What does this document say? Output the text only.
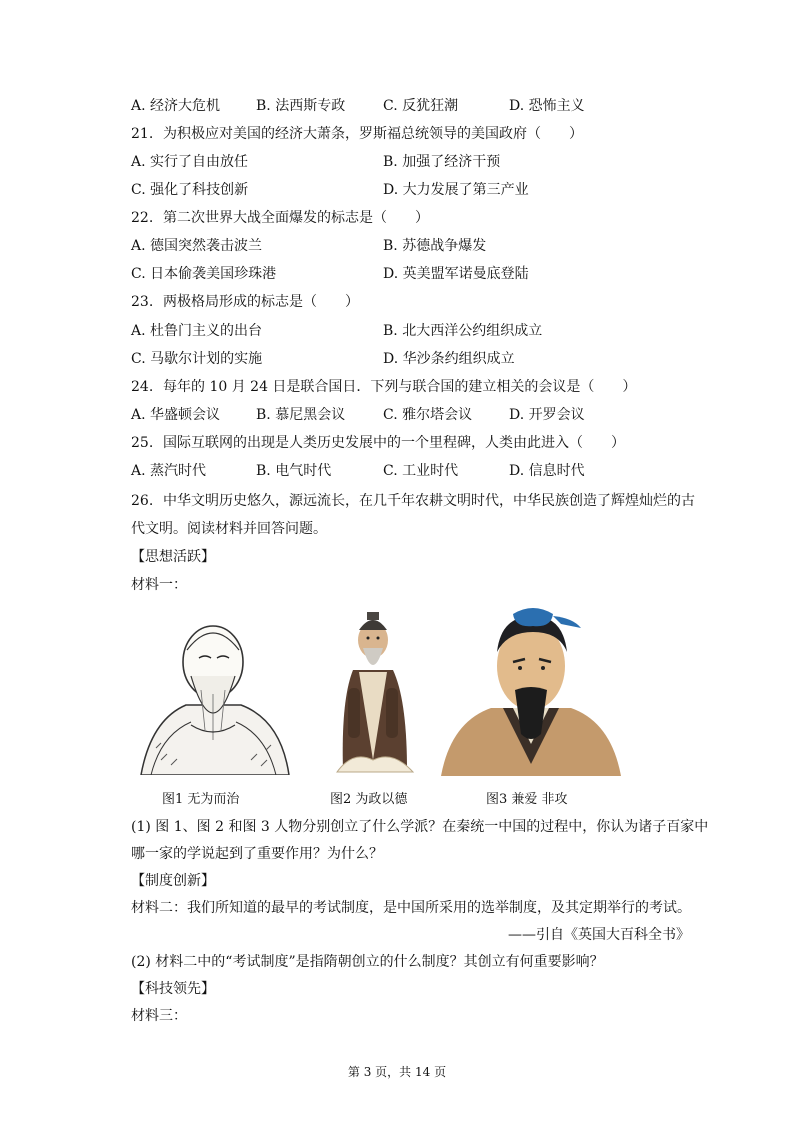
A. 经济大危机	B. 法西斯专政	C. 反犹狂潮	D. 恐怖主义
21. 为积极应对美国的经济大萧条，罗斯福总统领导的美国政府（　　）
A. 实行了自由放任	B. 加强了经济干预
C. 强化了科技创新	D. 大力发展了第三产业
22. 第二次世界大战全面爆发的标志是（　　）
A. 德国突然袭击波兰	B. 苏德战争爆发
C. 日本偷袭美国珍珠港	D. 英美盟军诺曼底登陆
23. 两极格局形成的标志是（　　）
A. 杜鲁门主义的出台	B. 北大西洋公约组织成立
C. 马歇尔计划的实施	D. 华沙条约组织成立
24. 每年的 10 月 24 日是联合国日．下列与联合国的建立相关的会议是（　　）
A. 华盛顿会议	B. 慕尼黑会议	C. 雅尔塔会议	D. 开罗会议
25. 国际互联网的出现是人类历史发展中的一个里程碑，人类由此进入（　　）
A. 蒸汽时代	B. 电气时代	C. 工业时代	D. 信息时代
26. 中华文明历史悠久，源远流长，在几千年农耕文明时代，中华民族创造了辉煌灿烂的古
代文明。阅读材料并回答问题。
【思想活跃】
材料一：
图1 无为而治	图2 为政以德	图3 兼爱 非攻
(1) 图 1、图 2 和图 3 人物分别创立了什么学派？在秦统一中国的过程中，你认为诸子百家中
哪一家的学说起到了重要作用？为什么？
【制度创新】
材料二：我们所知道的最早的考试制度，是中国所采用的选举制度，及其定期举行的考试。
——引自《英国大百科全书》
(2) 材料二中的“考试制度”是指隋朝创立的什么制度？其创立有何重要影响？
【科技领先】
材料三：
第 3 页，共 14 页
